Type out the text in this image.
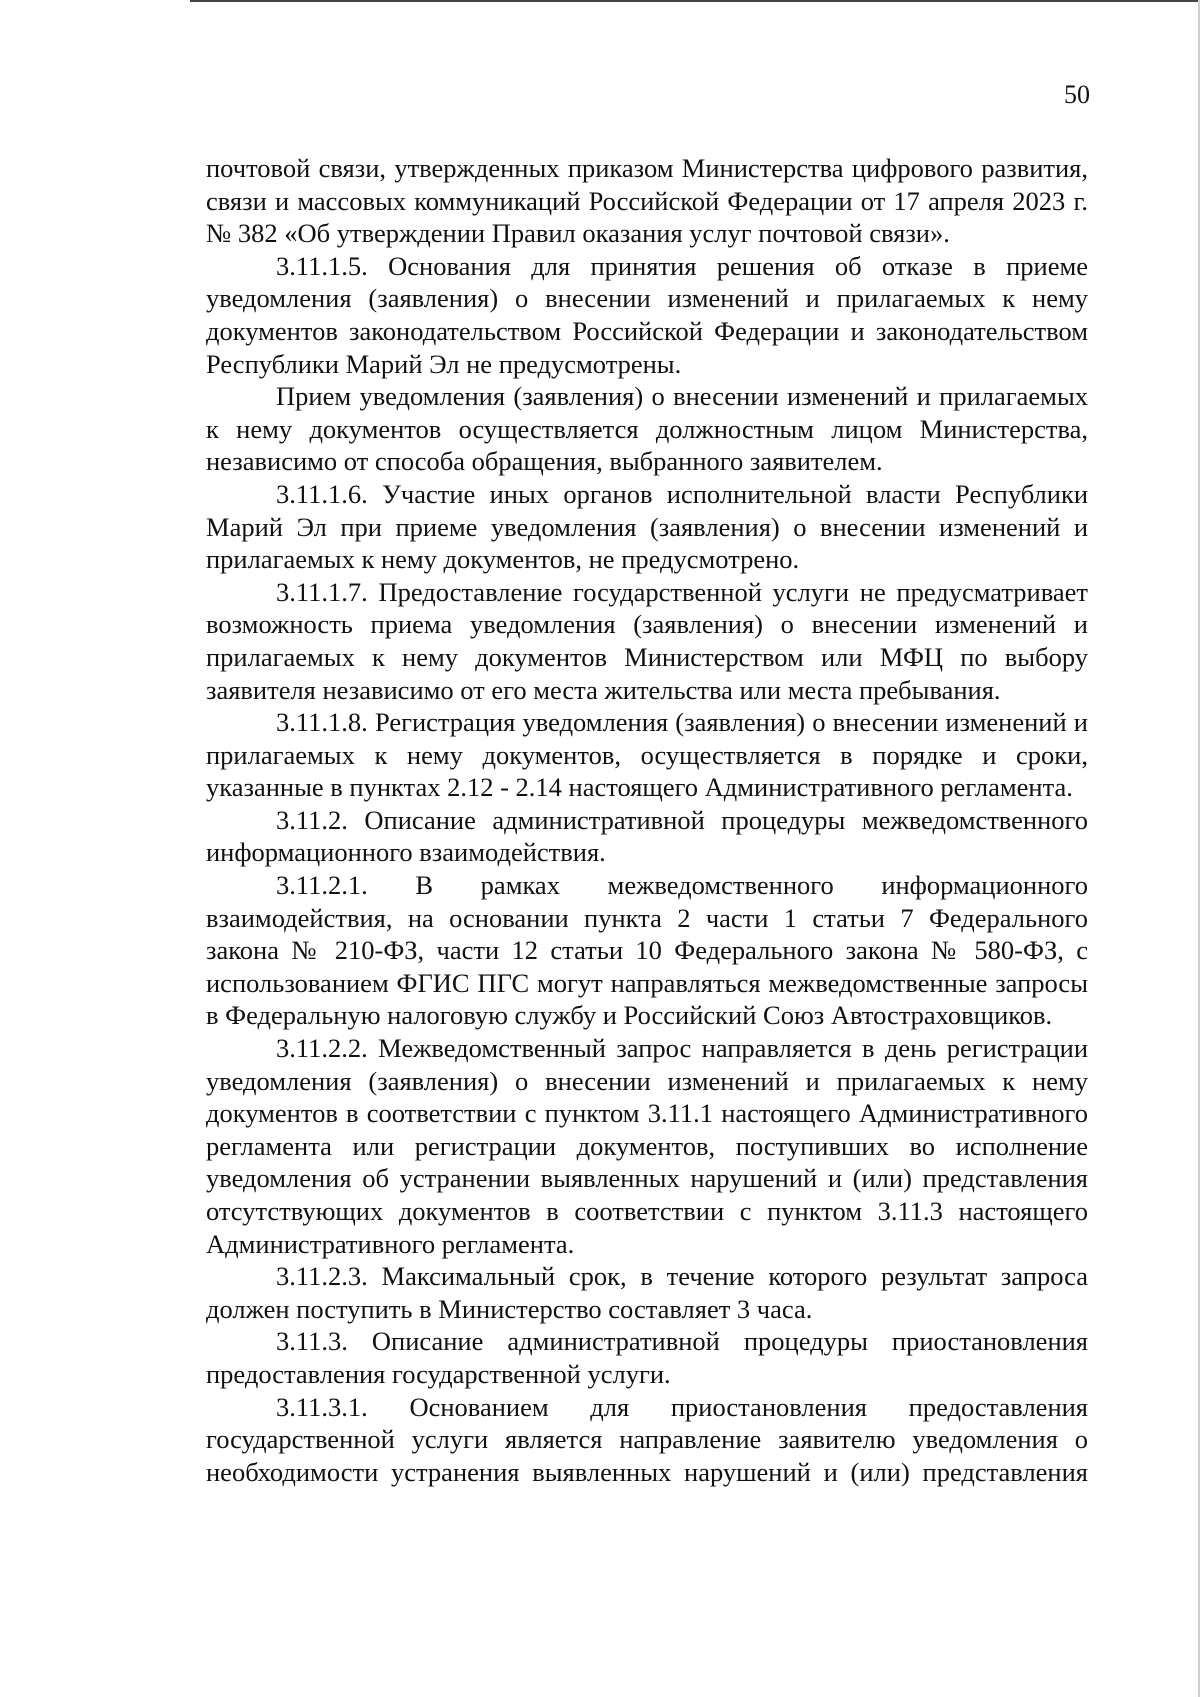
50

почтовой связи, утвержденных приказом Министерства цифрового развития, связи и массовых коммуникаций Российской Федерации от 17 апреля 2023 г. № 382 «Об утверждении Правил оказания услуг почтовой связи».

3.11.1.5. Основания для принятия решения об отказе в приеме уведомления (заявления) о внесении изменений и прилагаемых к нему документов законодательством Российской Федерации и законодательством Республики Марий Эл не предусмотрены.

Прием уведомления (заявления) о внесении изменений и прилагаемых к нему документов осуществляется должностным лицом Министерства, независимо от способа обращения, выбранного заявителем.

3.11.1.6. Участие иных органов исполнительной власти Республики Марий Эл при приеме уведомления (заявления) о внесении изменений и прилагаемых к нему документов, не предусмотрено.

3.11.1.7. Предоставление государственной услуги не предусматривает возможность приема уведомления (заявления) о внесении изменений и прилагаемых к нему документов Министерством или МФЦ по выбору заявителя независимо от его места жительства или места пребывания.

3.11.1.8. Регистрация уведомления (заявления) о внесении изменений и прилагаемых к нему документов, осуществляется в порядке и сроки, указанные в пунктах 2.12 - 2.14 настоящего Административного регламента.

3.11.2. Описание административной процедуры межведомственного информационного взаимодействия.

3.11.2.1. В рамках межведомственного информационного взаимодействия, на основании пункта 2 части 1 статьи 7 Федерального закона № 210-ФЗ, части 12 статьи 10 Федерального закона № 580-ФЗ, с использованием ФГИС ПГС могут направляться межведомственные запросы в Федеральную налоговую службу и Российский Союз Автостраховщиков.

3.11.2.2. Межведомственный запрос направляется в день регистрации уведомления (заявления) о внесении изменений и прилагаемых к нему документов в соответствии с пунктом 3.11.1 настоящего Административного регламента или регистрации документов, поступивших во исполнение уведомления об устранении выявленных нарушений и (или) представления отсутствующих документов в соответствии с пунктом 3.11.3 настоящего Административного регламента.

3.11.2.3. Максимальный срок, в течение которого результат запроса должен поступить в Министерство составляет 3 часа.

3.11.3. Описание административной процедуры приостановления предоставления государственной услуги.

3.11.3.1. Основанием для приостановления предоставления государственной услуги является направление заявителю уведомления о необходимости устранения выявленных нарушений и (или) представления
